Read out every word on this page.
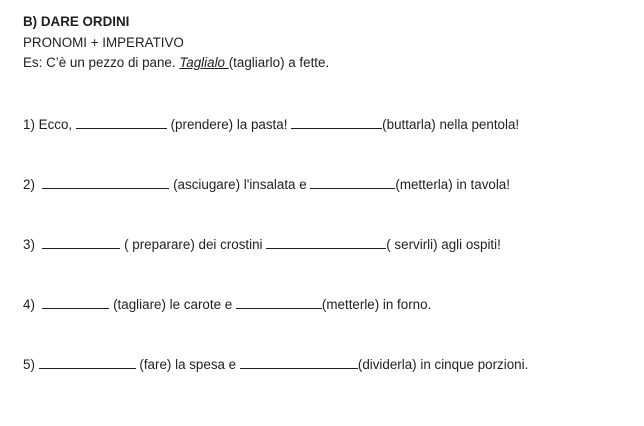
B) DARE ORDINI
PRONOMI + IMPERATIVO
Es: C’è un pezzo di pane. Taglialo (tagliarlo) a fette.
1) Ecco,	(prendere) la pasta!	(buttarla) nella pentola!
2)	(asciugare) l'insalata e	(metterla) in tavola!
3)	( preparare) dei crostini	( servirli) agli ospiti!
4)	(tagliare) le carote e	(metterle) in forno.
5)	(fare) la spesa e	(dividerla) in cinque porzioni.
